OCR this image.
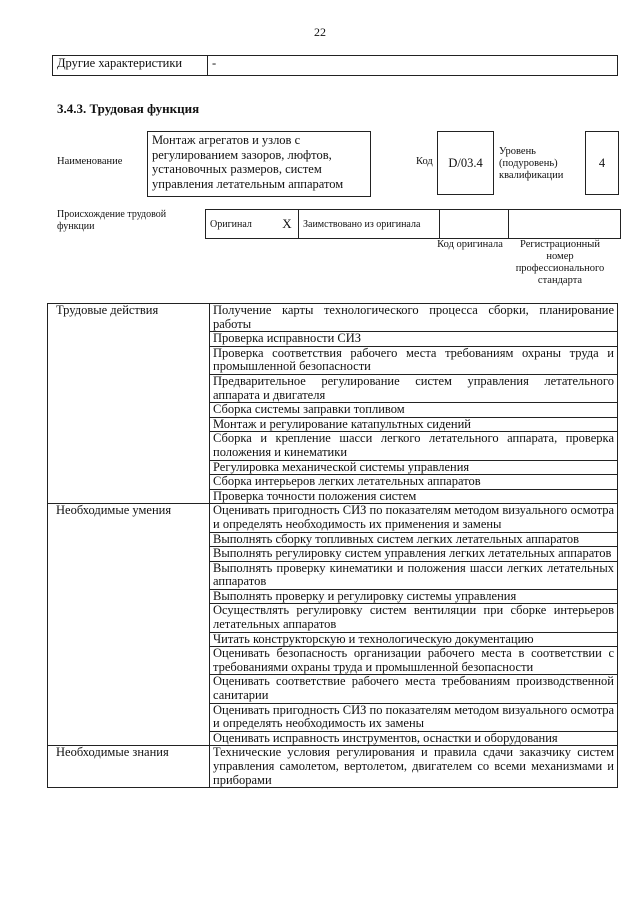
22
Другие характеристики	-
3.4.3. Трудовая функция
Наименование
Монтаж агрегатов и узлов с регулированием зазоров, люфтов, установочных размеров, систем управления летательным аппаратом
Код	D/03.4
Уровень (подуровень) квалификации
4
Происхождение трудовой функции	Оригинал	X	Заимствовано из оригинала		
Код оригинала	Регистрационный номер профессионального стандарта
Трудовые действия	Получение карты технологического процесса сборки, планирование работы
	Проверка исправности СИЗ
	Проверка соответствия рабочего места требованиям охраны труда и промышленной безопасности
	Предварительное регулирование систем управления летательного аппарата и двигателя
	Сборка системы заправки топливом
	Монтаж и регулирование катапультных сидений
	Сборка и крепление шасси легкого летательного аппарата, проверка положения и кинематики
	Регулировка механической системы управления
	Сборка интерьеров легких летательных аппаратов
	Проверка точности положения систем
Необходимые умения	Оценивать пригодность СИЗ по показателям методом визуального осмотра и определять необходимость их применения и замены
	Выполнять сборку топливных систем легких летательных аппаратов
	Выполнять регулировку систем управления легких летательных аппаратов
	Выполнять проверку кинематики и положения шасси легких летательных аппаратов
	Выполнять проверку и регулировку системы управления
	Осуществлять регулировку систем вентиляции при сборке интерьеров летательных аппаратов
	Читать конструкторскую и технологическую документацию
	Оценивать безопасность организации рабочего места в соответствии с требованиями охраны труда и промышленной безопасности
	Оценивать соответствие рабочего места требованиям производственной санитарии
	Оценивать пригодность СИЗ по показателям методом визуального осмотра и определять необходимость их замены
	Оценивать исправность инструментов, оснастки и оборудования
Необходимые знания	Технические условия регулирования и правила сдачи заказчику систем управления самолетом, вертолетом, двигателем со всеми механизмами и приборами
